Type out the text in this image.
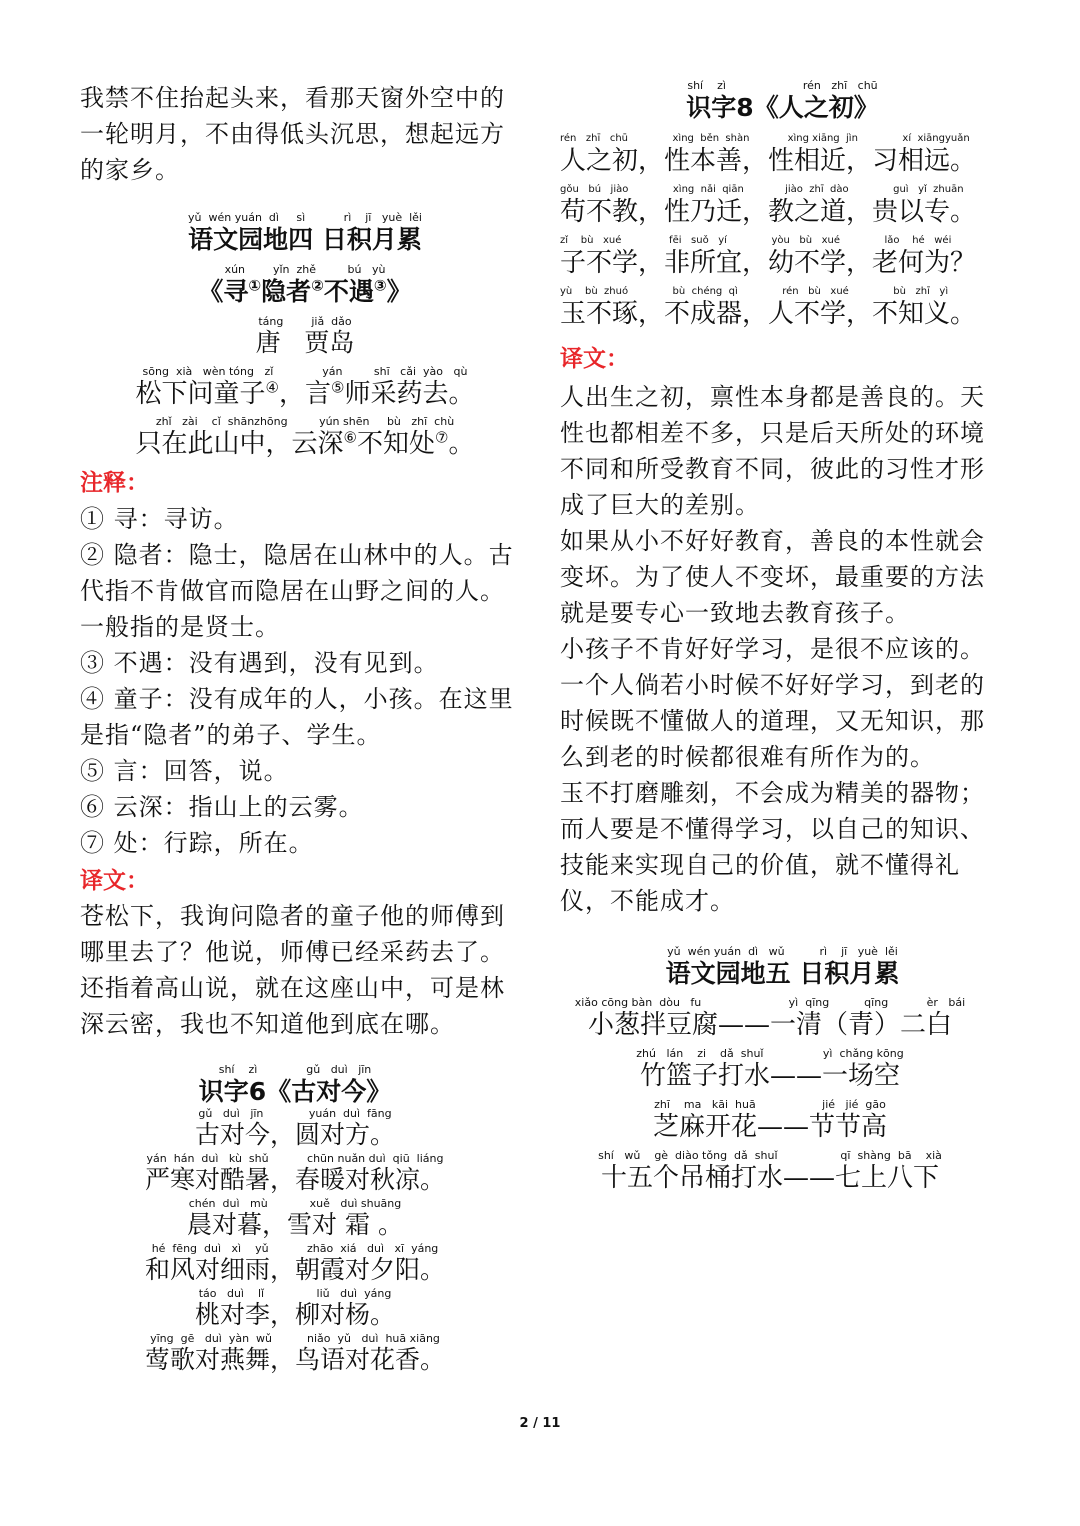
我禁不住抬起头来，看那天窗外空中的一轮明月，不由得低头沉思，想起远方的家乡。

yǔ  wén yuán  dì     sì           rì    jī   yuè  lěi
语文园地四 日积月累
xún        yǐn  zhě         bú   yù
《寻①隐者②不遇③》
táng        jiǎ  dǎo
唐   贾岛
sōng  xià   wèn tóng   zǐ              yán         shī   cǎi  yào   qù
松下问童子④，言⑤师采药去。
zhǐ   zài    cǐ  shānzhōng         yún shēn     bù   zhī  chù
只在此山中，云深⑥不知处⑦。
注释：

① 寻：寻访。

② 隐者：隐士，隐居在山林中的人。古代指不肯做官而隐居在山野之间的人。一般指的是贤士。

③ 不遇：没有遇到，没有见到。

④ 童子：没有成年的人，小孩。在这里是指“隐者”的弟子、学生。

⑤ 言：回答，说。

⑥ 云深：指山上的云雾。

⑦ 处：行踪，所在。

译文：

苍松下，我询问隐者的童子他的师傅到哪里去了？他说，师傅已经采药去了。还指着高山说，就在这座山中，可是林深云密，我也不知道他到底在哪。

shí    zì              gǔ   duì   jīn
识字6《古对今》
gǔ   duì   jīn             yuán  duì  fāng
古对今，圆对方。
yán  hán  duì   kù  shǔ           chūn nuǎn duì  qiū  liáng
严寒对酷暑，春暖对秋凉。
chén  duì   mù            xuě   duì shuāng
晨对暮，雪对 霜 。
hé  fēng  duì   xì    yǔ           zhāo  xiá   duì   xī  yáng
和风对细雨，朝霞对夕阳。
táo   duì    lǐ               liǔ   duì  yáng
桃对李，柳对杨。
yīng  gē   duì  yàn  wǔ          niǎo  yǔ   duì  huā xiāng
莺歌对燕舞，鸟语对花香。
shí    zì                      rén   zhī   chū
识字8《人之初》
rén   zhī   chū              xìng  běn  shàn            xìng xiāng  jìn              xí  xiāngyuǎn
人之初，性本善，性相近，习相远。
gǒu   bú   jiào              xìng  nǎi  qiān             jiào  zhī  dào              guì   yǐ  zhuān
苟不教，性乃迁，教之道，贵以专。
zǐ    bù   xué               fēi   suǒ   yí              yòu   bù   xué              lǎo    hé   wéi
子不学，非所宜，幼不学，老何为？
yù    bù  zhuó              bù  chéng  qì              rén   bù   xué              bù   zhī   yì
玉不琢，不成器，人不学，不知义。
译文：

人出生之初，禀性本身都是善良的。天性也都相差不多，只是后天所处的环境不同和所受教育不同，彼此的习性才形成了巨大的差别。

如果从小不好好教育，善良的本性就会变坏。为了使人不变坏，最重要的方法就是要专心一致地去教育孩子。

小孩子不肯好好学习，是很不应该的。一个人倘若小时候不好好学习，到老的时候既不懂做人的道理，又无知识，那么到老的时候都很难有所作为的。

玉不打磨雕刻，不会成为精美的器物；而人要是不懂得学习，以自己的知识、技能来实现自己的价值，就不懂得礼仪，不能成才。

yǔ  wén yuán  dì   wǔ          rì    jī   yuè  lěi
语文园地五 日积月累
xiǎo cōng bàn  dòu   fu                         yì  qīng          qīng           èr   bái
小葱拌豆腐——一清（青）二白
zhú   lán    zi    dǎ  shuǐ                 yì  chǎng kōng
竹篮子打水——一场空
zhī    ma   kāi  huā                   jié   jié  gāo
芝麻开花——节节高
shí   wǔ    gè  diào tǒng  dǎ  shuǐ                  qī  shàng  bā    xià
十五个吊桶打水——七上八下
2 / 11
